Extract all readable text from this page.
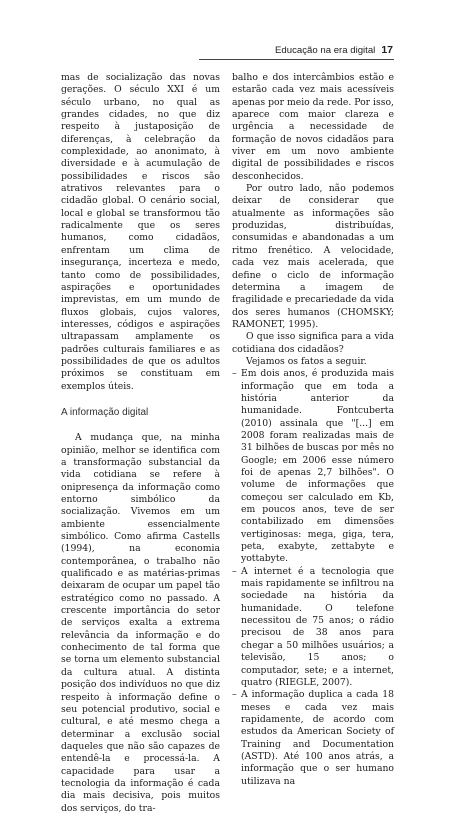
Educação na era digital 17

mas de socialização das novas gerações. O século XXI é um século urbano, no qual as grandes cidades, no que diz respeito à justaposição de diferenças, à celebração da complexidade, ao anonimato, à diversidade e à acumulação de possibilidades e riscos são atrativos relevantes para o cidadão global. O cenário social, local e global se transformou tão radicalmente que os seres humanos, como cidadãos, enfrentam um clima de insegurança, incerteza e medo, tanto como de possibilidades, aspirações e oportunidades imprevistas, em um mundo de fluxos globais, cujos valores, interesses, códigos e aspirações ultrapassam amplamente os padrões culturais familiares e as possibilidades de que os adultos próximos se constituam em exemplos úteis.

A informação digital

A mudança que, na minha opinião, melhor se identifica com a transformação substancial da vida cotidiana se refere à onipresença da informação como entorno simbólico da socialização. Vivemos em um ambiente essencialmente simbólico. Como afirma Castells (1994), na economia contemporânea, o trabalho não qualificado e as matérias-primas deixaram de ocupar um papel tão estratégico como no passado. A crescente importância do setor de serviços exalta a extrema relevância da informação e do conhecimento de tal forma que se torna um elemento substancial da cultura atual. A distinta posição dos indivíduos no que diz respeito à informação define o seu potencial produtivo, social e cultural, e até mesmo chega a determinar a exclusão social daqueles que não são capazes de entendê-la e processá-la. A capacidade para usar a tecnologia da informação é cada dia mais decisiva, pois muitos dos serviços, do tra-

balho e dos intercâmbios estão e estarão cada vez mais acessíveis apenas por meio da rede. Por isso, aparece com maior clareza e urgência a necessidade de formação de novos cidadãos para viver em um novo ambiente digital de possibilidades e riscos desconhecidos.

Por outro lado, não podemos deixar de considerar que atualmente as informações são produzidas, distribuídas, consumidas e abandonadas a um ritmo frenético. A velocidade, cada vez mais acelerada, que define o ciclo de informação determina a imagem de fragilidade e precariedade da vida dos seres humanos (CHOMSKY; RAMONET, 1995).

O que isso significa para a vida cotidiana dos cidadãos?

Vejamos os fatos a seguir.

– Em dois anos, é produzida mais informação que em toda a história anterior da humanidade. Fontcuberta (2010) assinala que "[...] em 2008 foram realizadas mais de 31 bilhões de buscas por mês no Google; em 2006 esse número foi de apenas 2,7 bilhões". O volume de informações que começou ser calculado em Kb, em poucos anos, teve de ser contabilizado em dimensões vertiginosas: mega, giga, tera, peta, exabyte, zettabyte e yottabyte.
– A internet é a tecnologia que mais rapidamente se infiltrou na sociedade na história da humanidade. O telefone necessitou de 75 anos; o rádio precisou de 38 anos para chegar a 50 milhões usuários; a televisão, 15 anos; o computador, sete; e a internet, quatro (RIEGLE, 2007).
– A informação duplica a cada 18 meses e cada vez mais rapidamente, de acordo com estudos da American Society of Training and Documentation (ASTD). Até 100 anos atrás, a informação que o ser humano utilizava na
